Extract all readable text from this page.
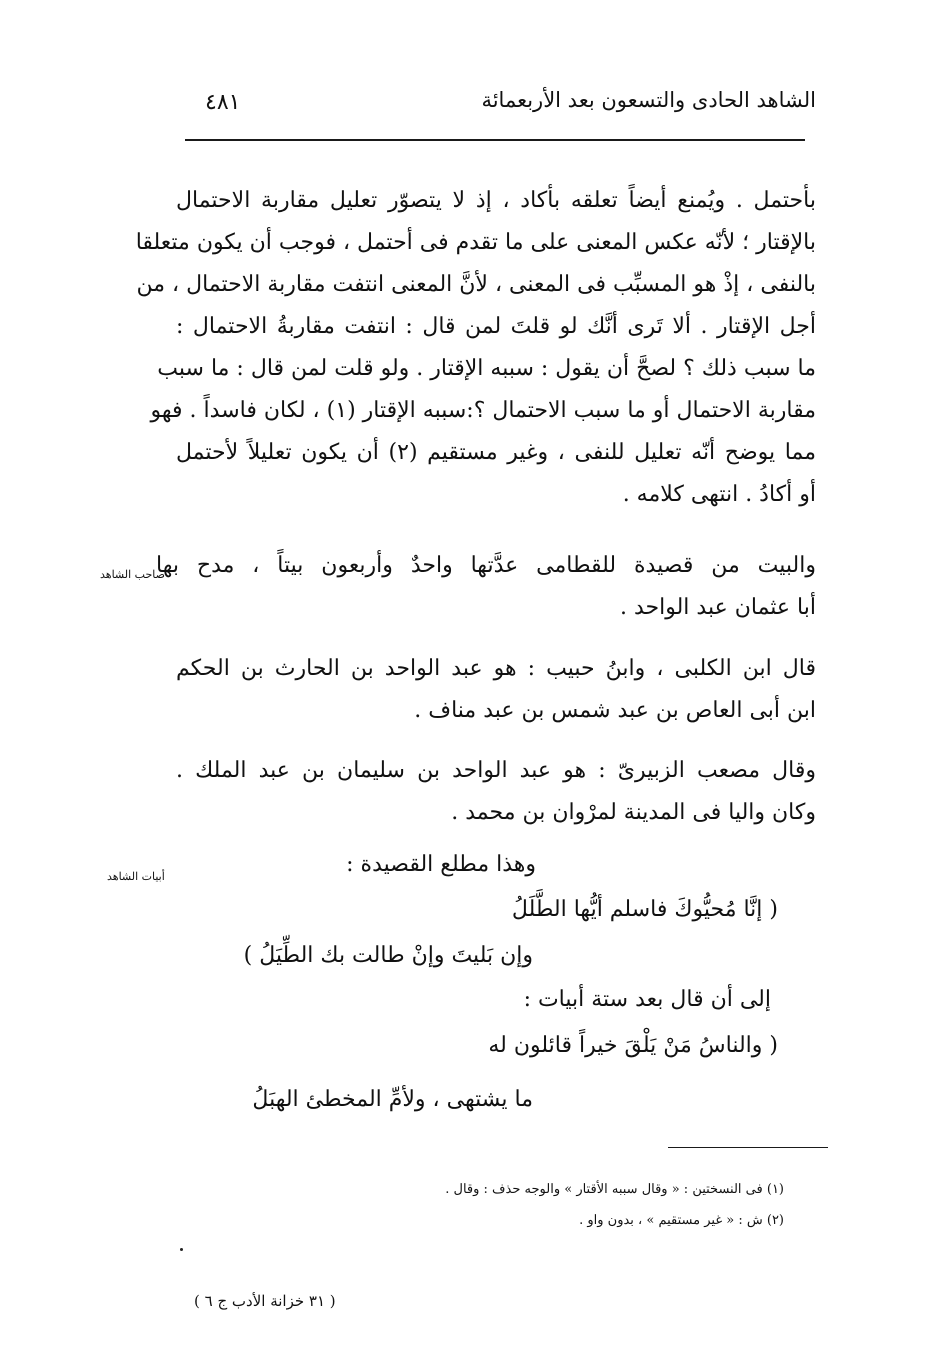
الشاهد الحادى والتسعون بعد الأربعمائة
٤٨١
بأحتمل . ويُمنع أيضاً تعلقه بأكاد ، إذ لا يتصوّر تعليل مقاربة الاحتمال
بالإقتار ؛ لأنّه عكس المعنى على ما تقدم فى أحتمل ، فوجب أن يكون متعلقا
بالنفى ، إذْ هو المسبِّب فى المعنى ، لأنَّ المعنى انتفت مقاربة الاحتمال ، من
أجل الإقتار . ألا تَرى أنَّك لو قلتَ لمن قال : انتفت مقاربةُ الاحتمال :
ما سبب ذلك ؟ لصحَّ أن يقول : سببه الإقتار . ولو قلت لمن قال : ما سبب
مقاربة الاحتمال أو ما سبب الاحتمال ؟:سببه الإقتار (١) ، لكان فاسداً . فهو
مما يوضح أنّه تعليل للنفى ، وغير مستقيم (٢) أن يكون تعليلاً لأحتمل
أو أكادُ . انتهى كلامه .
والبيت من قصيدة للقطامى عدَّتها واحدٌ وأربعون بيتاً ، مدح بها
أبا عثمان عبد الواحد .
صاحب الشاهد
قال ابن الكلبى ، وابنُ حبيب : هو عبد الواحد بن الحارث بن الحكم
ابن أبى العاص بن عبد شمس بن عبد مناف .
وقال مصعب الزبيرىّ : هو عبد الواحد بن سليمان بن عبد الملك .
وكان واليا فى المدينة لمرْوان بن محمد .
أبيات الشاهد	وهذا مطلع القصيدة :
( إنَّا مُحيُّوكَ فاسلم أيُّها الطَّلَلُ
وإن بَليتَ وإنْ طالت بك الطِّيَلُ )
إلى أن قال بعد ستة أبيات :
( والناسُ مَنْ يَلْقَ خيراً قائلون له
ما يشتهى ، ولأمِّ المخطئ الهبَلُ
(١) فى النسختين : « وقال سببه الأقتار » والوجه حذف : وقال .
(٢) ش : « غير مستقيم » ، بدون واو .
( ٣١ خزانة الأدب ج ٦ )
